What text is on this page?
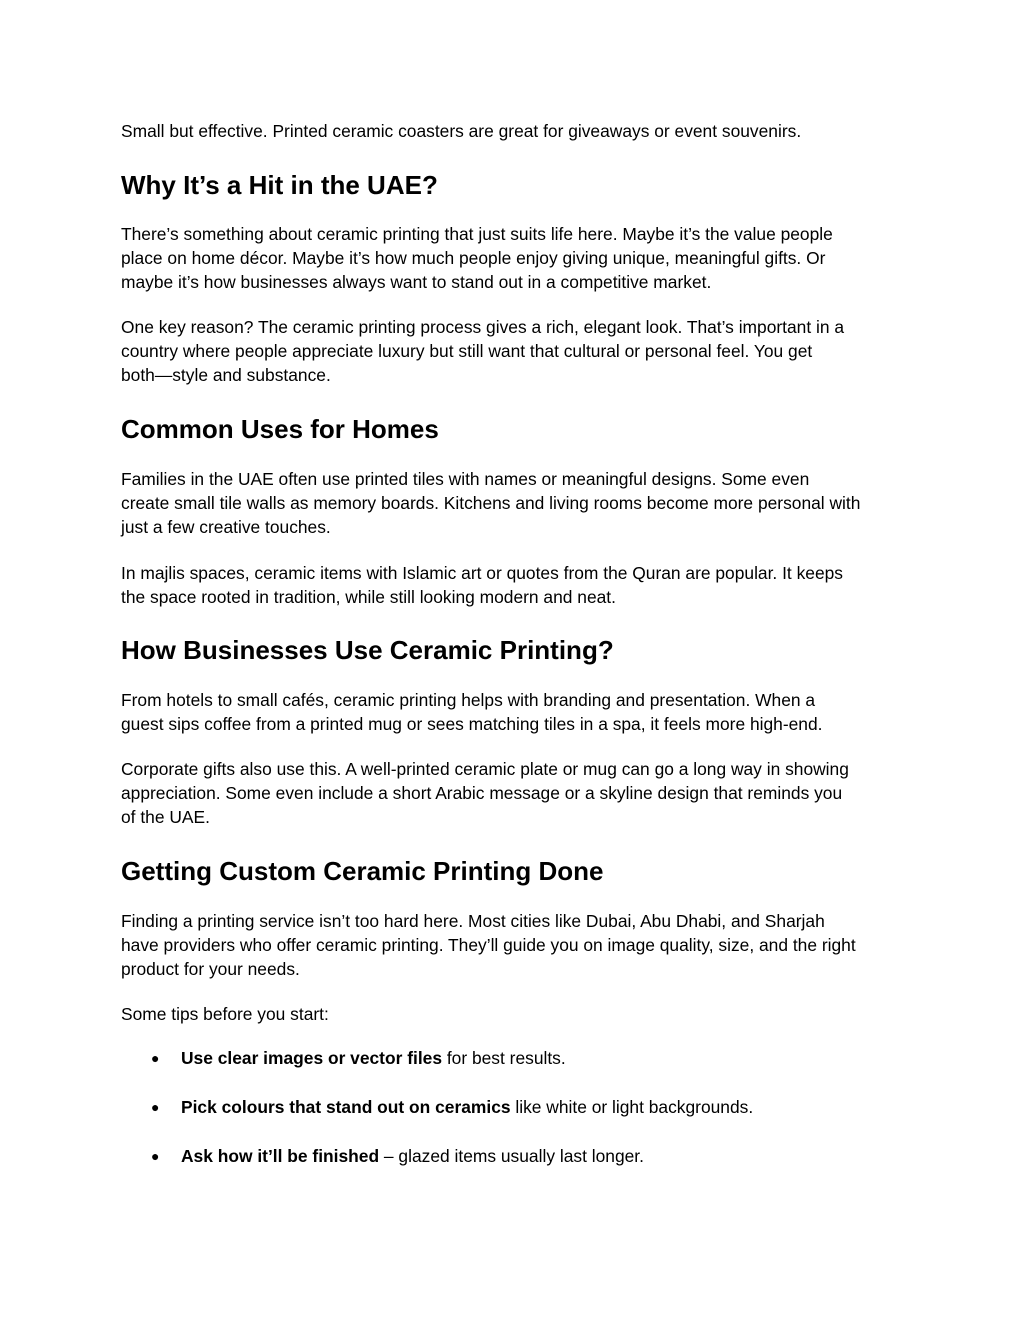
Small but effective. Printed ceramic coasters are great for giveaways or event souvenirs.

Why It’s a Hit in the UAE?

There’s something about ceramic printing that just suits life here. Maybe it’s the value people
place on home décor. Maybe it’s how much people enjoy giving unique, meaningful gifts. Or
maybe it’s how businesses always want to stand out in a competitive market.

One key reason? The ceramic printing process gives a rich, elegant look. That’s important in a
country where people appreciate luxury but still want that cultural or personal feel. You get
both—style and substance.

Common Uses for Homes

Families in the UAE often use printed tiles with names or meaningful designs. Some even
create small tile walls as memory boards. Kitchens and living rooms become more personal with
just a few creative touches.

In majlis spaces, ceramic items with Islamic art or quotes from the Quran are popular. It keeps
the space rooted in tradition, while still looking modern and neat.

How Businesses Use Ceramic Printing?

From hotels to small cafés, ceramic printing helps with branding and presentation. When a
guest sips coffee from a printed mug or sees matching tiles in a spa, it feels more high-end.

Corporate gifts also use this. A well-printed ceramic plate or mug can go a long way in showing
appreciation. Some even include a short Arabic message or a skyline design that reminds you
of the UAE.

Getting Custom Ceramic Printing Done

Finding a printing service isn’t too hard here. Most cities like Dubai, Abu Dhabi, and Sharjah
have providers who offer ceramic printing. They’ll guide you on image quality, size, and the right
product for your needs.

Some tips before you start:

● Use clear images or vector files for best results.
● Pick colours that stand out on ceramics like white or light backgrounds.
● Ask how it’ll be finished – glazed items usually last longer.
